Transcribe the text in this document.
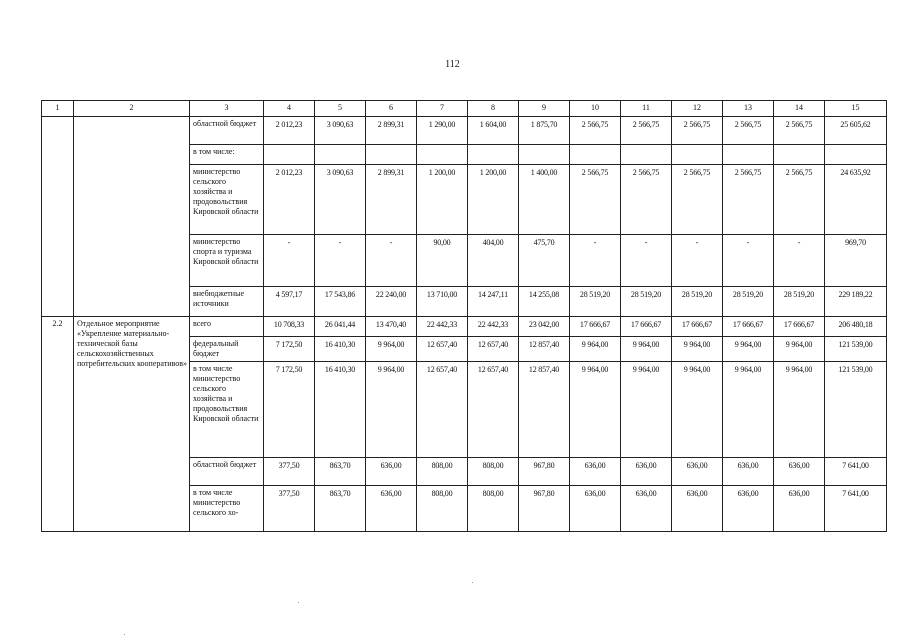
112
1	2	3	4	5	6	7	8	9	10	11	12	13	14	15
		областной бюджет	2 012,23	3 090,63	2 899,31	1 290,00	1 604,00	1 875,70	2 566,75	2 566,75	2 566,75	2 566,75	2 566,75	25 605,62
		в том числе:												
		министерство сельского хозяйства и продовольствия Кировской области	2 012,23	3 090,63	2 899,31	1 200,00	1 200,00	1 400,00	2 566,75	2 566,75	2 566,75	2 566,75	2 566,75	24 635,92
		министерство спорта и туризма Кировской области	-	-	-	90,00	404,00	475,70	-	-	-	-	-	969,70
		внебюджетные источники	4 597,17	17 543,86	22 240,00	13 710,00	14 247,11	14 255,08	28 519,20	28 519,20	28 519,20	28 519,20	28 519,20	229 189,22
2.2	Отдельное мероприятие «Укрепление материально-технической базы сельскохозяйственных потребительских кооперативов»	всего	10 708,33	26 041,44	13 470,40	22 442,33	22 442,33	23 042,00	17 666,67	17 666,67	17 666,67	17 666,67	17 666,67	206 480,18
		федеральный бюджет	7 172,50	16 410,30	9 964,00	12 657,40	12 657,40	12 857,40	9 964,00	9 964,00	9 964,00	9 964,00	9 964,00	121 539,00
		в том числе министерство сельского хозяйства и продовольствия Кировской области	7 172,50	16 410,30	9 964,00	12 657,40	12 657,40	12 857,40	9 964,00	9 964,00	9 964,00	9 964,00	9 964,00	121 539,00
		областной бюджет	377,50	863,70	636,00	808,00	808,00	967,80	636,00	636,00	636,00	636,00	636,00	7 641,00
		в том числе министерство сельского хо-	377,50	863,70	636,00	808,00	808,00	967,80	636,00	636,00	636,00	636,00	636,00	7 641,00
